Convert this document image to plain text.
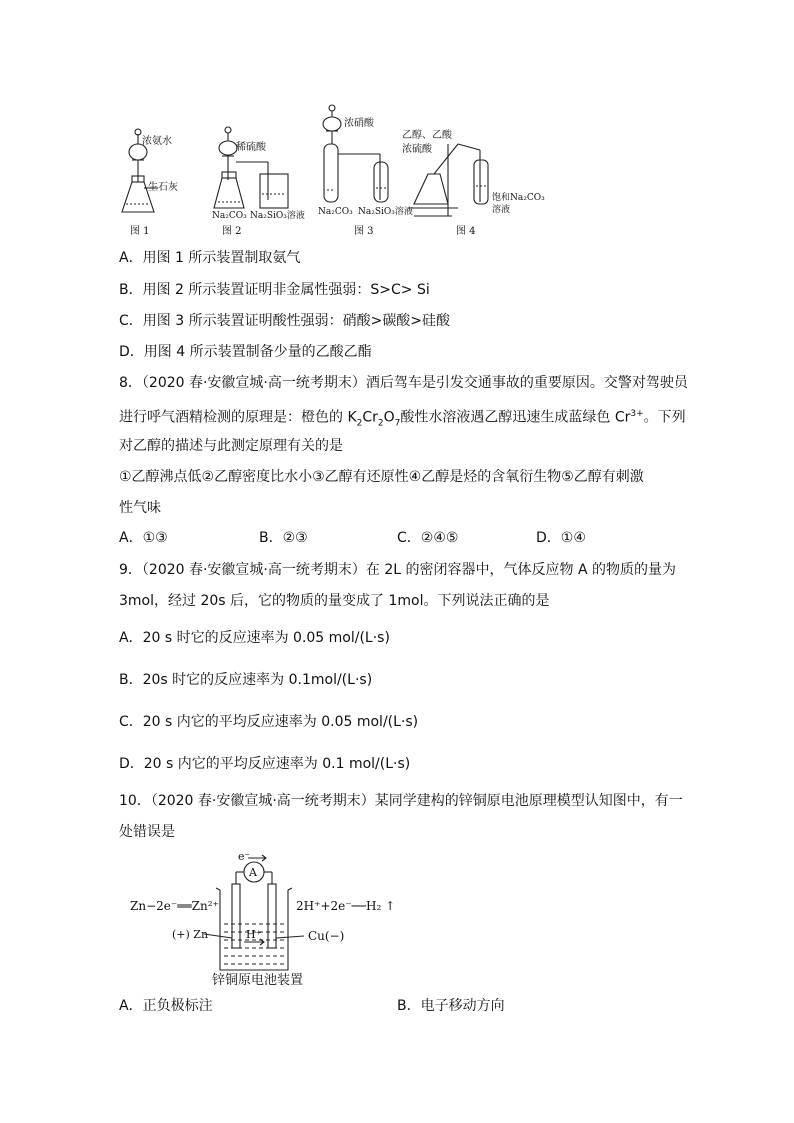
浓氨水
生石灰
图 1
稀硫酸
Na₂CO₃ Na₂SiO₃溶液
图 2
浓硝酸
Na₂CO₃ Na₂SiO₃溶液
图 3
乙醇、乙酸
浓硫酸
饱和Na₂CO₃
溶液
图 4
A．用图 1 所示装置制取氨气
B．用图 2 所示装置证明非金属性强弱：S>C> Si
C．用图 3 所示装置证明酸性强弱：硝酸>碳酸>硅酸
D．用图 4 所示装置制备少量的乙酸乙酯
8．（2020 春·安徽宣城·高一统考期末）酒后驾车是引发交通事故的重要原因。交警对驾驶员
进行呼气酒精检测的原理是：橙色的 $K_2Cr_2O_7$酸性水溶液遇乙醇迅速生成蓝绿色 $Cr^{3+}$。下列
对乙醇的描述与此测定原理有关的是
①乙醇沸点低②乙醇密度比水小③乙醇有还原性④乙醇是烃的含氧衍生物⑤乙醇有刺激
性气味
A．①③	B．②③	C．②④⑤	D．①④
9．（2020 春·安徽宣城·高一统考期末）在 2L 的密闭容器中，气体反应物 A 的物质的量为
3mol，经过 20s 后，它的物质的量变成了 1mol。下列说法正确的是
A．20 s 时它的反应速率为 0.05 mol/(L·s)
B．20s 时它的反应速率为 0.1mol/(L·s)
C．20 s 内它的平均反应速率为 0.05 mol/(L·s)
D．20 s 内它的平均反应速率为 0.1 mol/(L·s)
10．（2020 春·安徽宣城·高一统考期末）某同学建构的锌铜原电池原理模型认知图中，有一
处错误是
e⁻
A
Zn−2e⁻══Zn²⁺	2H⁺+2e⁻──H₂ ↑
(+) Zn	Cu(−)
H⁺
锌铜原电池装置
A．正负极标注	B．电子移动方向
